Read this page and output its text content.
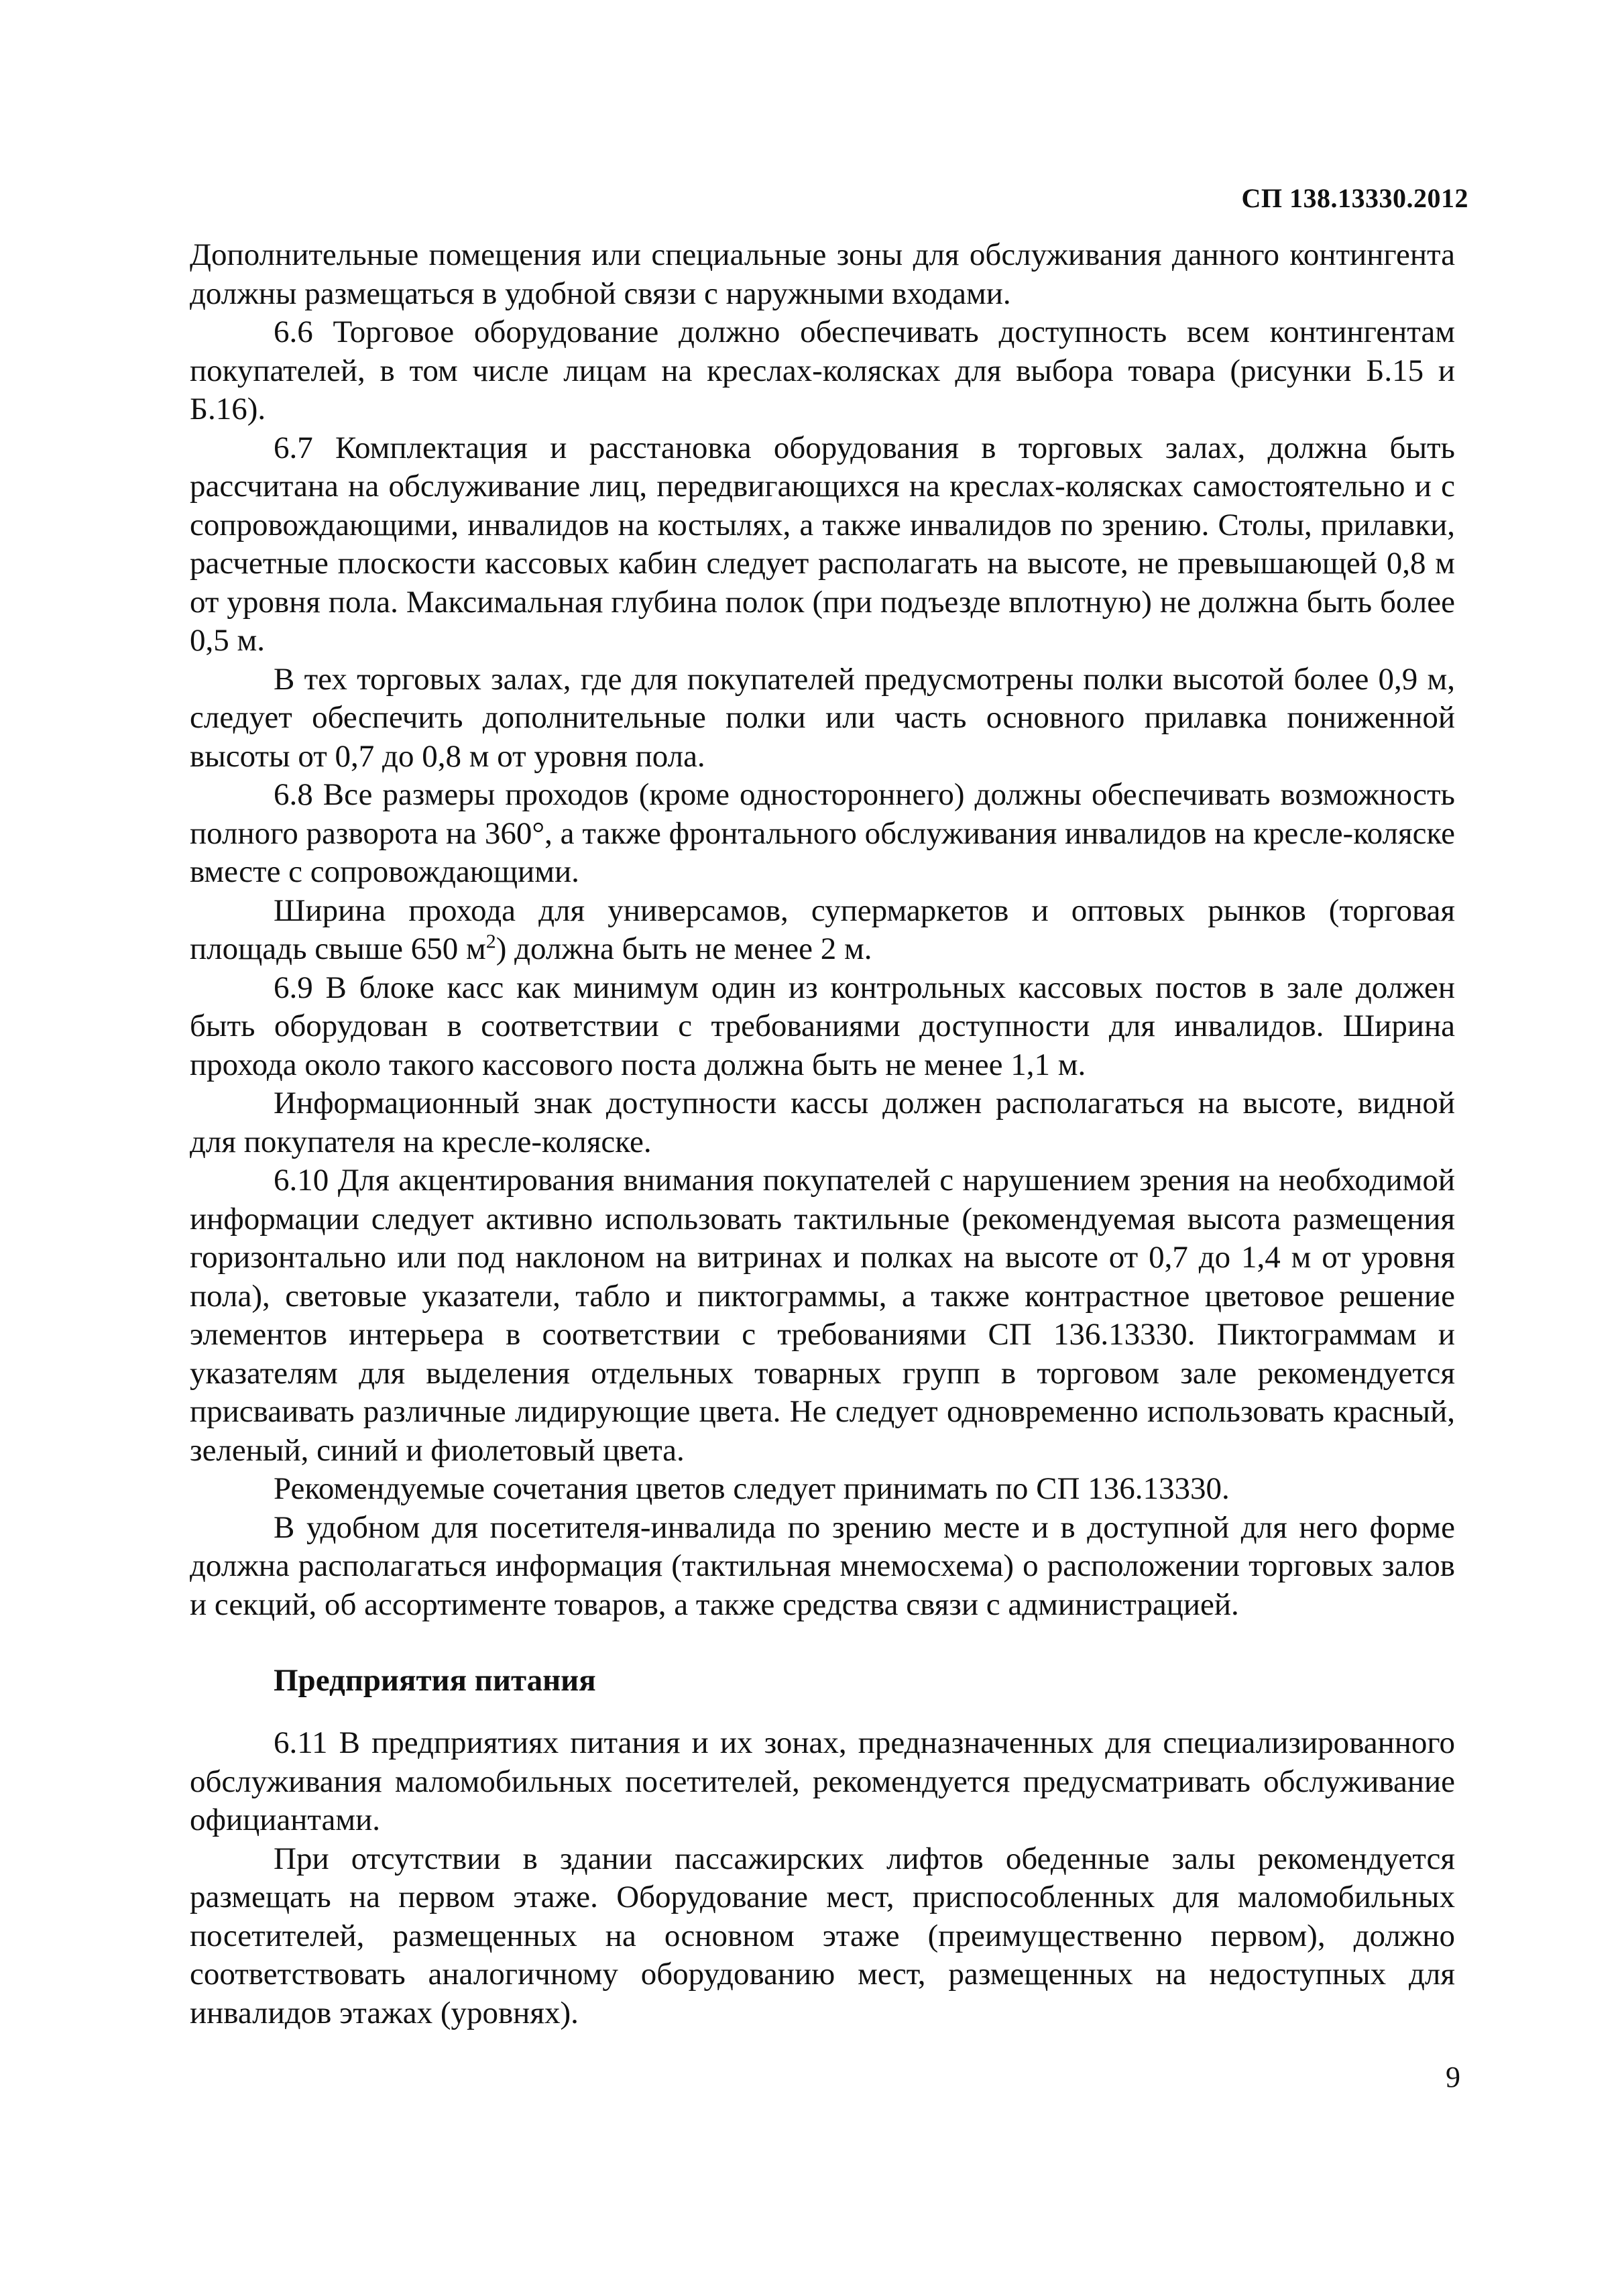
СП 138.13330.2012

Дополнительные помещения или специальные зоны для обслуживания данного контингента должны размещаться в удобной связи с наружными входами.

6.6 Торговое оборудование должно обеспечивать доступность всем контингентам покупателей, в том числе лицам на креслах-колясках для выбора товара (рисунки Б.15 и Б.16).

6.7 Комплектация и расстановка оборудования в торговых залах, должна быть рассчитана на обслуживание лиц, передвигающихся на креслах-колясках самостоятельно и с сопровождающими, инвалидов на костылях, а также инвалидов по зрению. Столы, прилавки, расчетные плоскости кассовых кабин следует располагать на высоте, не превышающей 0,8 м от уровня пола. Максимальная глубина полок (при подъезде вплотную) не должна быть более 0,5 м.

В тех торговых залах, где для покупателей предусмотрены полки высотой более 0,9 м, следует обеспечить дополнительные полки или часть основного прилавка пониженной высоты от 0,7 до 0,8 м от уровня пола.

6.8 Все размеры проходов (кроме одностороннего) должны обеспечивать возможность полного разворота на 360°, а также фронтального обслуживания инвалидов на кресле-коляске вместе с сопровождающими.

Ширина прохода для универсамов, супермаркетов и оптовых рынков (торговая площадь свыше 650 $м^2$) должна быть не менее 2 м.

6.9 В блоке касс как минимум один из контрольных кассовых постов в зале должен быть оборудован в соответствии с требованиями доступности для инвалидов. Ширина прохода около такого кассового поста должна быть не менее 1,1 м.

Информационный знак доступности кассы должен располагаться на высоте, видной для покупателя на кресле-коляске.

6.10 Для акцентирования внимания покупателей с нарушением зрения на необходимой информации следует активно использовать тактильные (рекомендуемая высота размещения горизонтально или под наклоном на витринах и полках на высоте от 0,7 до 1,4 м от уровня пола), световые указатели, табло и пиктограммы, а также контрастное цветовое решение элементов интерьера в соответствии с требованиями СП 136.13330. Пиктограммам и указателям для выделения отдельных товарных групп в торговом зале рекомендуется присваивать различные лидирующие цвета. Не следует одновременно использовать красный, зеленый, синий и фиолетовый цвета.

Рекомендуемые сочетания цветов следует принимать по СП 136.13330.

В удобном для посетителя-инвалида по зрению месте и в доступной для него форме должна располагаться информация (тактильная мнемосхема) о расположении торговых залов и секций, об ассортименте товаров, а также средства связи с администрацией.

Предприятия питания

6.11 В предприятиях питания и их зонах, предназначенных для специализированного обслуживания маломобильных посетителей, рекомендуется предусматривать обслуживание официантами.

При отсутствии в здании пассажирских лифтов обеденные залы рекомендуется размещать на первом этаже. Оборудование мест, приспособленных для маломобильных посетителей, размещенных на основном этаже (преимущественно первом), должно соответствовать аналогичному оборудованию мест, размещенных на недоступных для инвалидов этажах (уровнях).

9
